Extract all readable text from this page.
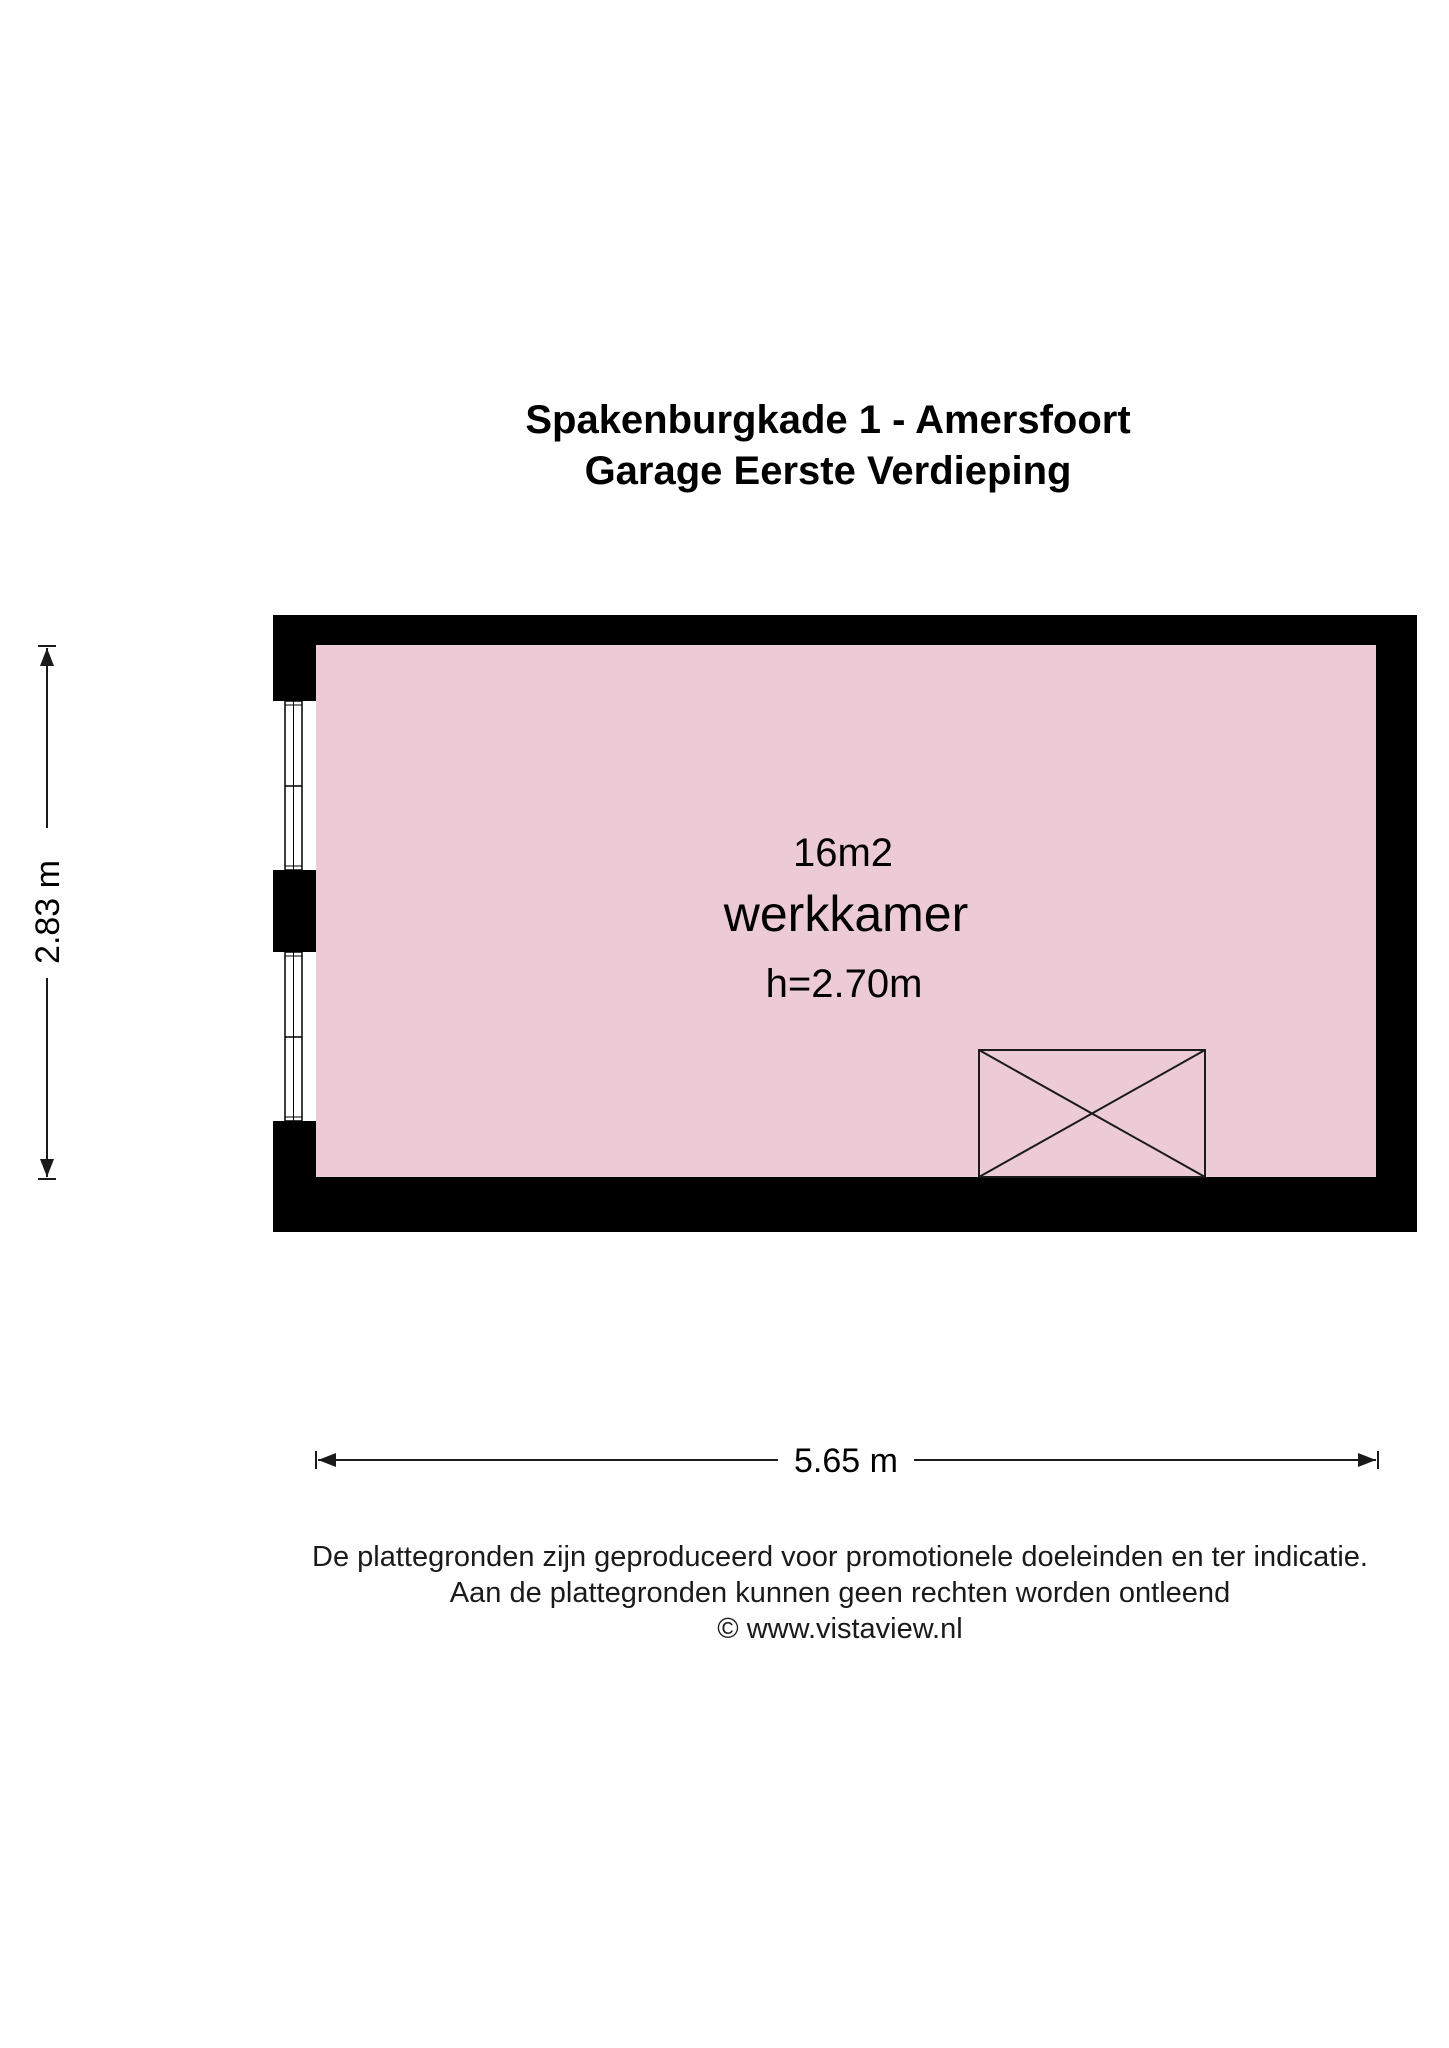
Spakenburgkade 1 - Amersfoort
Garage Eerste Verdieping
16m2
werkkamer
h=2.70m
2.83 m
5.65 m
De plattegronden zijn geproduceerd voor promotionele doeleinden en ter indicatie.
Aan de plattegronden kunnen geen rechten worden ontleend
© www.vistaview.nl
